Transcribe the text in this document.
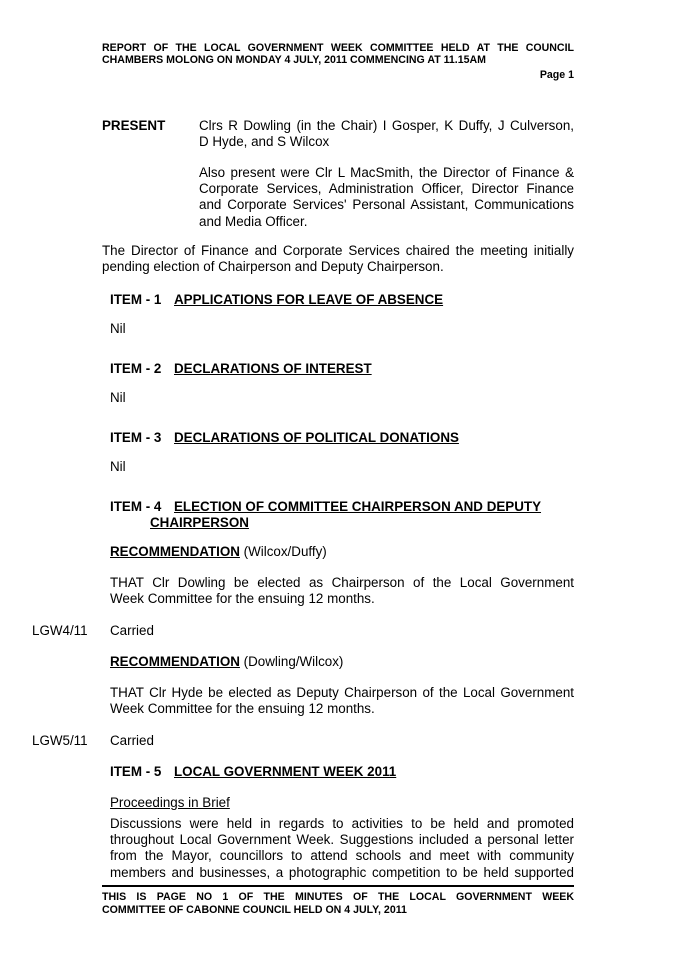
REPORT OF THE LOCAL GOVERNMENT WEEK COMMITTEE HELD AT THE COUNCIL
CHAMBERS MOLONG ON MONDAY 4 JULY, 2011 COMMENCING AT 11.15AM
Page 1
PRESENT	Clrs R Dowling (in the Chair) I Gosper, K Duffy, J Culverson,

D Hyde, and S Wilcox

Also present were Clr L MacSmith, the Director of Finance &

Corporate Services, Administration Officer, Director Finance

and Corporate Services' Personal Assistant, Communications

and Media Officer.

The Director of Finance and Corporate Services chaired the meeting initially

pending election of Chairperson and Deputy Chairperson.

ITEM - 1 APPLICATIONS FOR LEAVE OF ABSENCE
Nil
ITEM - 2 DECLARATIONS OF INTEREST
Nil
ITEM - 3 DECLARATIONS OF POLITICAL DONATIONS
Nil
ITEM - 4 ELECTION OF COMMITTEE CHAIRPERSON AND DEPUTY
CHAIRPERSON
RECOMMENDATION (Wilcox/Duffy)

THAT Clr Dowling be elected as Chairperson of the Local Government

Week Committee for the ensuing 12 months.

LGW4/11 Carried
RECOMMENDATION (Dowling/Wilcox)

THAT Clr Hyde be elected as Deputy Chairperson of the Local Government

Week Committee for the ensuing 12 months.

LGW5/11 Carried
ITEM - 5 LOCAL GOVERNMENT WEEK 2011
Proceedings in Brief

Discussions were held in regards to activities to be held and promoted

throughout Local Government Week. Suggestions included a personal letter

from the Mayor, councillors to attend schools and meet with community

members and businesses, a photographic competition to be held supported

THIS IS PAGE NO 1 OF THE MINUTES OF THE LOCAL GOVERNMENT WEEK

COMMITTEE OF CABONNE COUNCIL HELD ON 4 JULY, 2011
